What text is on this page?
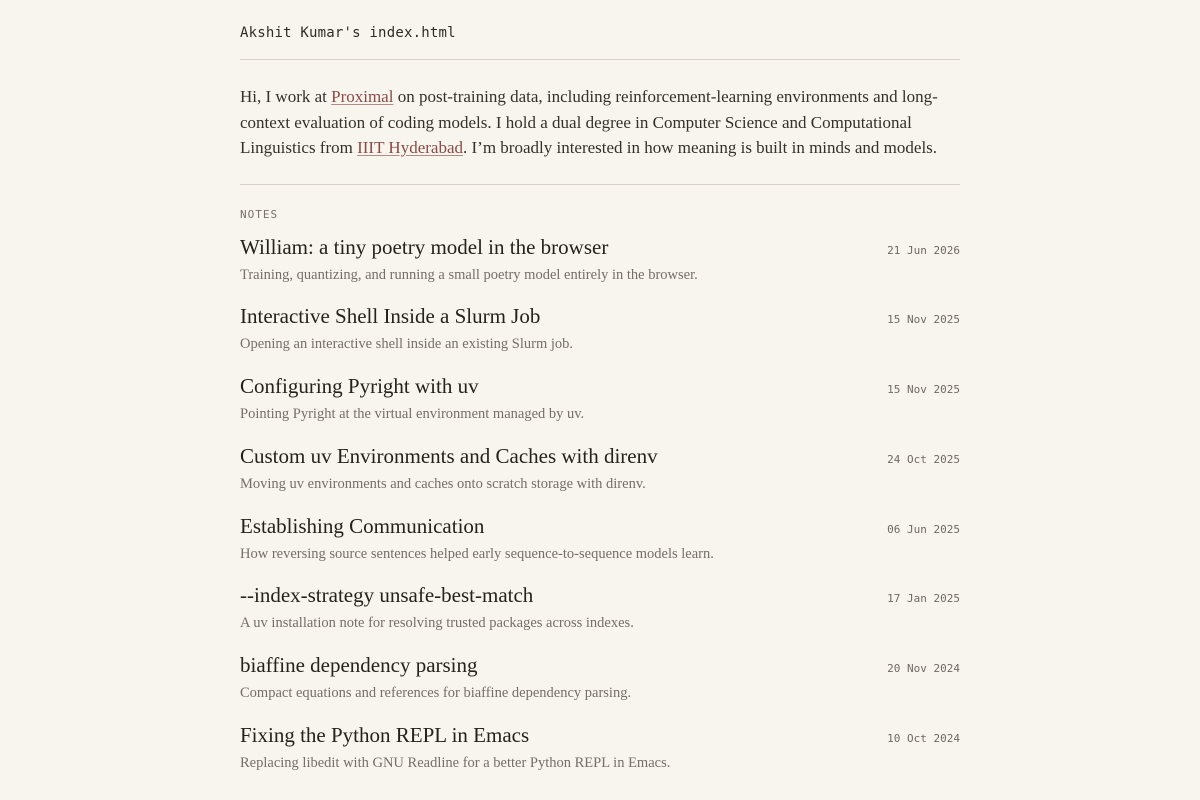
Akshit Kumar's index.html

Hi, I work at Proximal on post-training data, including reinforcement-learning environments and long-context evaluation of coding models. I hold a dual degree in Computer Science and Computational Linguistics from IIIT Hyderabad. I’m broadly interested in how meaning is built in minds and models.

NOTES
William: a tiny poetry model in the browser	21 Jun 2026
Training, quantizing, and running a small poetry model entirely in the browser.
Interactive Shell Inside a Slurm Job	15 Nov 2025
Opening an interactive shell inside an existing Slurm job.
Configuring Pyright with uv	15 Nov 2025
Pointing Pyright at the virtual environment managed by uv.
Custom uv Environments and Caches with direnv	24 Oct 2025
Moving uv environments and caches onto scratch storage with direnv.
Establishing Communication	06 Jun 2025
How reversing source sentences helped early sequence-to-sequence models learn.
--index-strategy unsafe-best-match	17 Jan 2025
A uv installation note for resolving trusted packages across indexes.
biaffine dependency parsing	20 Nov 2024
Compact equations and references for biaffine dependency parsing.
Fixing the Python REPL in Emacs	10 Oct 2024
Replacing libedit with GNU Readline for a better Python REPL in Emacs.
